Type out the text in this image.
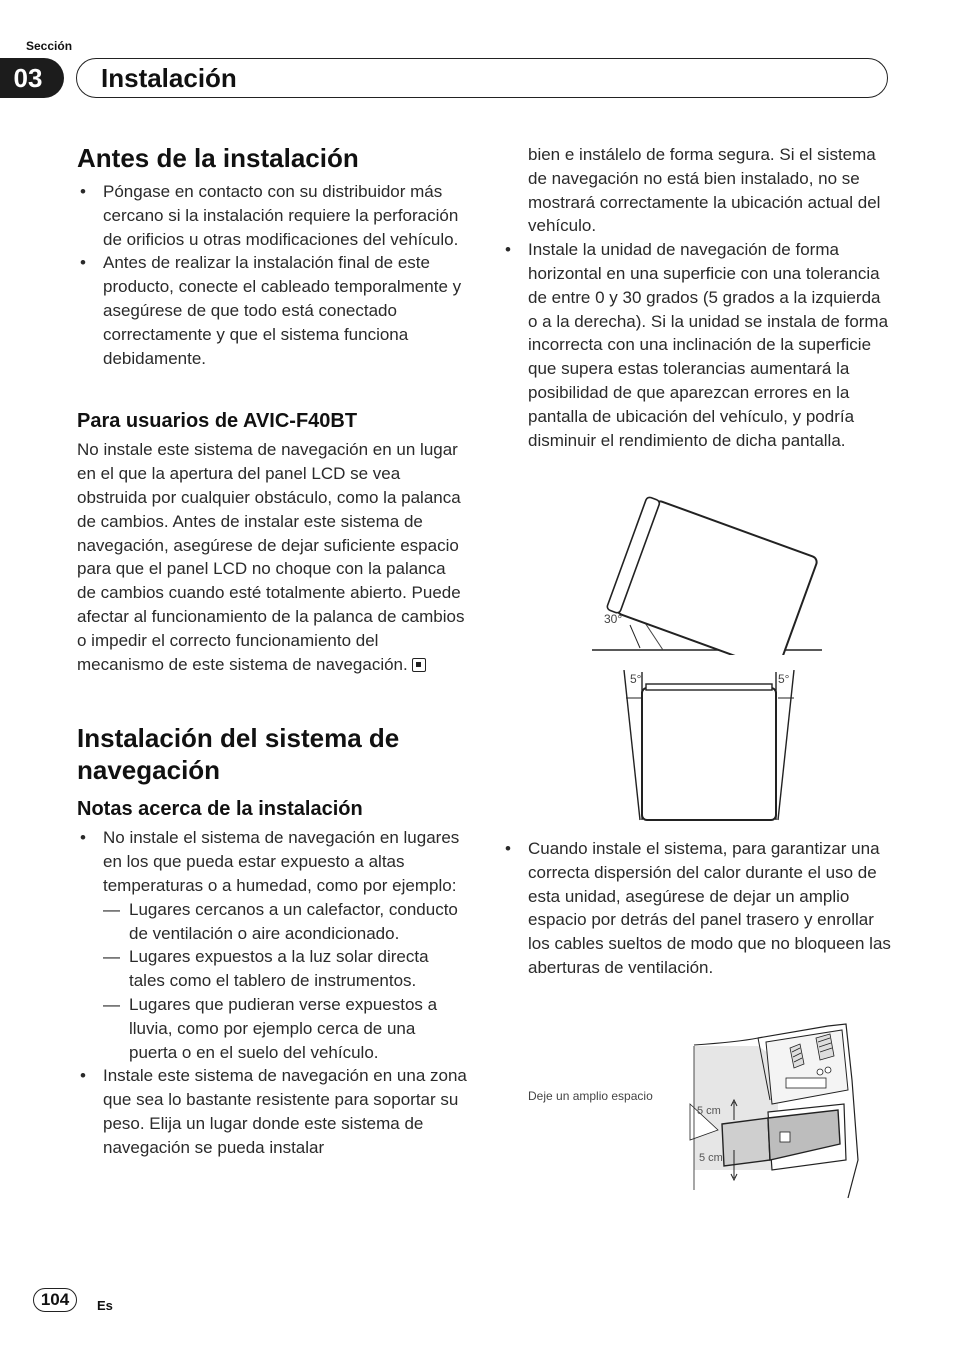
Sección
03	Instalación
Antes de la instalación
• Póngase en contacto con su distribuidor más cercano si la instalación requiere la perforación de orificios u otras modificaciones del vehículo.
• Antes de realizar la instalación final de este producto, conecte el cableado temporalmente y asegúrese de que todo está conectado correctamente y que el sistema funciona debidamente.
Para usuarios de AVIC-F40BT
No instale este sistema de navegación en un lugar en el que la apertura del panel LCD se vea obstruida por cualquier obstáculo, como la palanca de cambios. Antes de instalar este sistema de navegación, asegúrese de dejar suficiente espacio para que el panel LCD no choque con la palanca de cambios cuando esté totalmente abierto. Puede afectar al funcionamiento de la palanca de cambios o impedir el correcto funcionamiento del mecanismo de este sistema de navegación.
Instalación del sistema de navegación
Notas acerca de la instalación
• No instale el sistema de navegación en lugares en los que pueda estar expuesto a altas temperaturas o a humedad, como por ejemplo:
— Lugares cercanos a un calefactor, conducto de ventilación o aire acondicionado.
— Lugares expuestos a la luz solar directa tales como el tablero de instrumentos.
— Lugares que pudieran verse expuestos a lluvia, como por ejemplo cerca de una puerta o en el suelo del vehículo.
• Instale este sistema de navegación en una zona que sea lo bastante resistente para soportar su peso. Elija un lugar donde este sistema de navegación se pueda instalar
bien e instálelo de forma segura. Si el sistema de navegación no está bien instalado, no se mostrará correctamente la ubicación actual del vehículo.
• Instale la unidad de navegación de forma horizontal en una superficie con una tolerancia de entre 0 y 30 grados (5 grados a la izquierda o a la derecha). Si la unidad se instala de forma incorrecta con una inclinación de la superficie que supera estas tolerancias aumentará la posibilidad de que aparezcan errores en la pantalla de ubicación del vehículo, y podría disminuir el rendimiento de dicha pantalla.
30°
5°	5°
• Cuando instale el sistema, para garantizar una correcta dispersión del calor durante el uso de esta unidad, asegúrese de dejar un amplio espacio por detrás del panel trasero y enrollar los cables sueltos de modo que no bloqueen las aberturas de ventilación.
Deje un amplio espacio
5 cm
5 cm
104	Es
